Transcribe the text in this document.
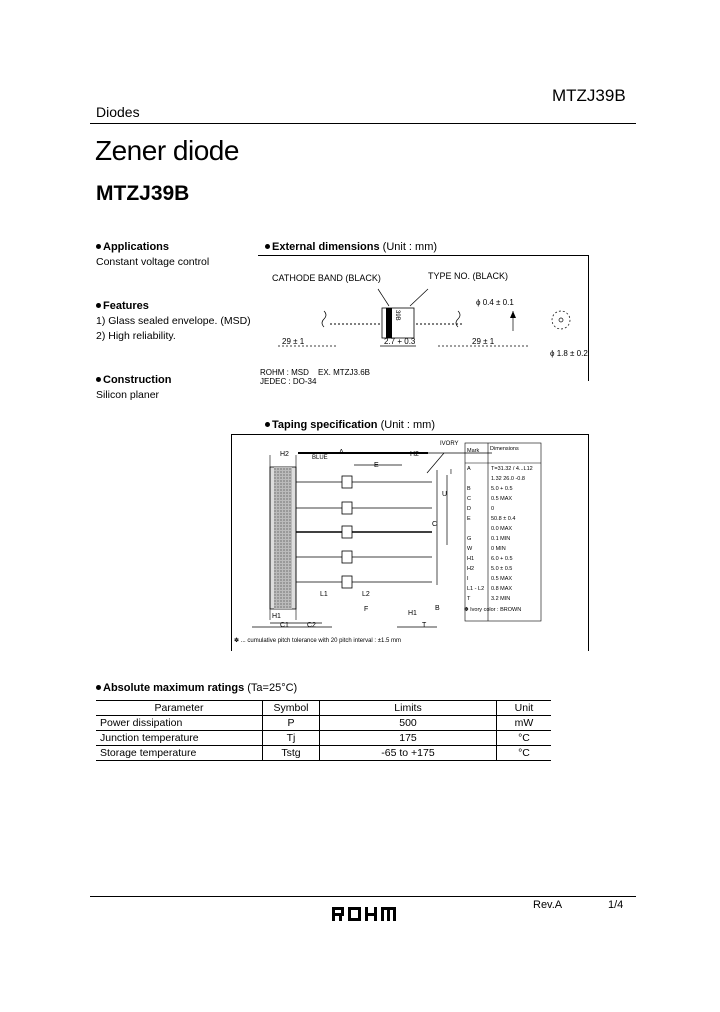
MTZJ39B
Diodes
Zener diode
MTZJ39B
Applications
Constant voltage control
Features
1) Glass sealed envelope. (MSD)
2) High reliability.
Construction
Silicon planer
External dimensions (Unit : mm)
CATHODE BAND (BLACK)	TYPE NO. (BLACK)
ϕ 0.4 ± 0.1
39B
29 ± 1	2.7 + 0.3	29 ± 1
ϕ 1.8 ± 0.2
ROHM : MSD EX. MTZJ3.6B
JEDEC : DO-34
Taping specification (Unit : mm)
H2	A
BLUE
E
H2
IVORY
I
U
C
H1
L1	L2
F
H1
B
C1	C2	T
Mark Dimensions
A	T=31.32 / 4...L12
1.32 26.0 -0.8
B	5.0 + 0.5
C	0.5 MAX
D	0
E	50.8 ± 0.4
0.0 MAX
G	0.1 MIN
W	0 MIN
H1	6.0 + 0.5
H2	5.0 ± 0.5
I	0.5 MAX
L1 - L2 0.8 MAX
T	3.2 MIN
✽ Ivory color : BROWN
✽ ... cumulative pitch tolerance with 20 pitch interval : ±1.5 mm
Absolute maximum ratings (Ta=25°C)
Parameter	Symbol	Limits	Unit
Power dissipation	P	500	mW
Junction temperature	Tj	175	°C
Storage temperature	Tstg	-65 to +175	°C
Rev.A	1/4
